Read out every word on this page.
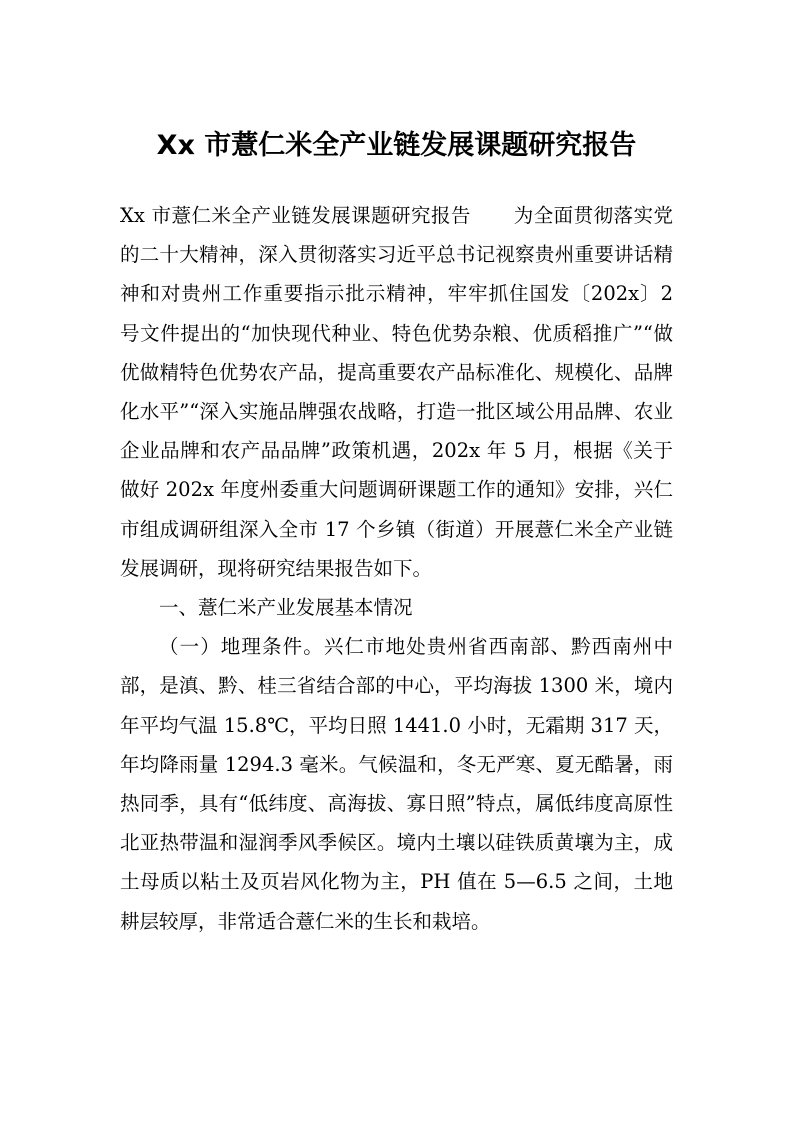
Xx 市薏仁米全产业链发展课题研究报告

Xx 市薏仁米全产业链发展课题研究报告 为全面贯彻落实党的二十大精神，深入贯彻落实习近平总书记视察贵州重要讲话精神和对贵州工作重要指示批示精神，牢牢抓住国发〔202x〕2 号文件提出的“加快现代种业、特色优势杂粮、优质稻推广”“做优做精特色优势农产品，提高重要农产品标准化、规模化、品牌化水平”“深入实施品牌强农战略，打造一批区域公用品牌、农业企业品牌和农产品品牌”政策机遇，202x 年 5 月，根据《关于做好 202x 年度州委重大问题调研课题工作的通知》安排，兴仁市组成调研组深入全市 17 个乡镇（街道）开展薏仁米全产业链发展调研，现将研究结果报告如下。

一、薏仁米产业发展基本情况

（一）地理条件。兴仁市地处贵州省西南部、黔西南州中部，是滇、黔、桂三省结合部的中心，平均海拔 1300 米，境内年平均气温 15.8℃，平均日照 1441.0 小时，无霜期 317 天，年均降雨量 1294.3 毫米。气候温和，冬无严寒、夏无酷暑，雨热同季，具有“低纬度、高海拔、寡日照”特点，属低纬度高原性北亚热带温和湿润季风季候区。境内土壤以硅铁质黄壤为主，成土母质以粘土及页岩风化物为主，PH 值在 5—6.5 之间，土地耕层较厚，非常适合薏仁米的生长和栽培。
